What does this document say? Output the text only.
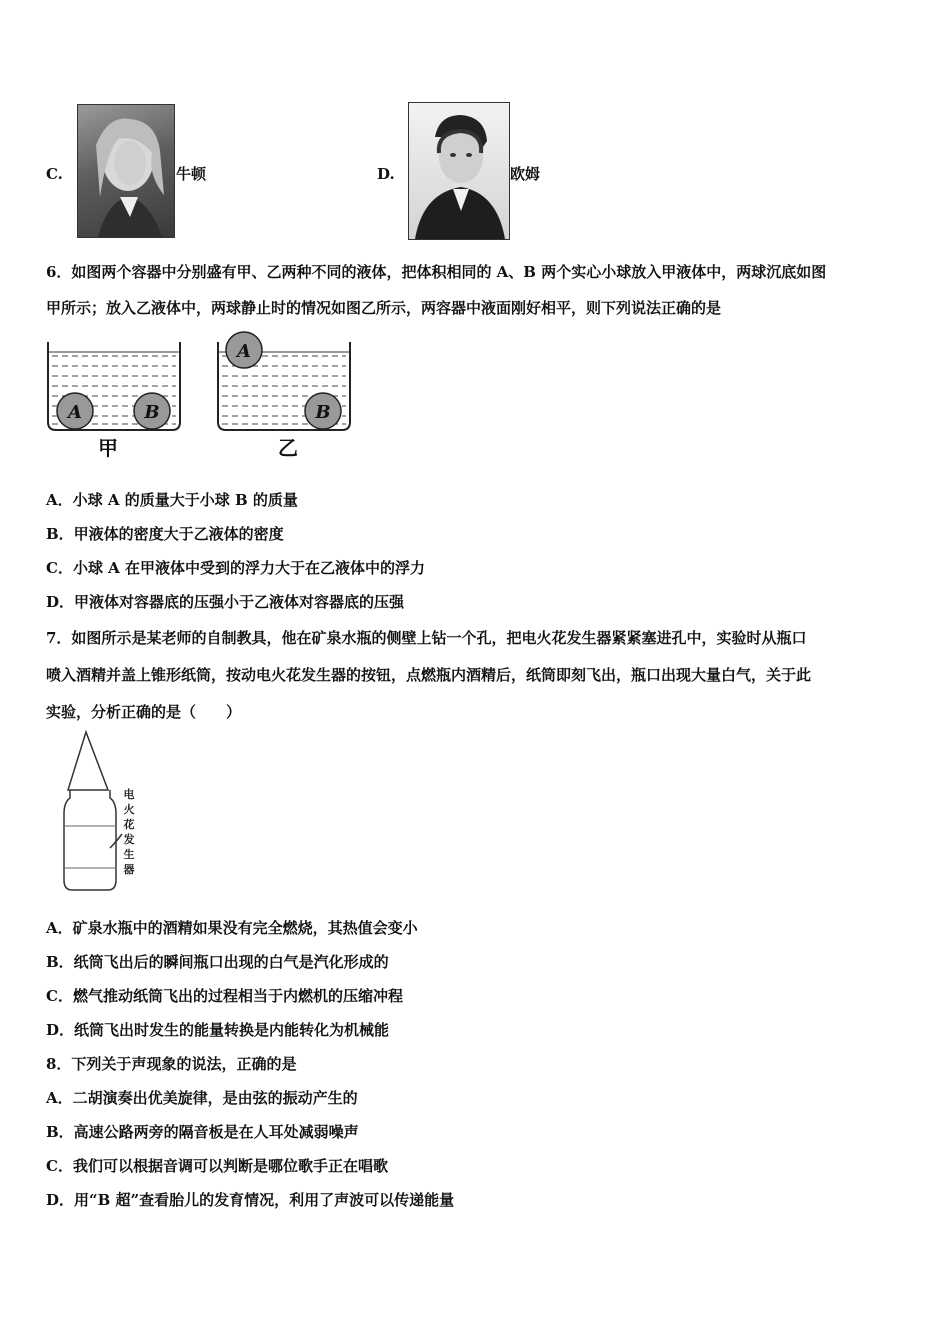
C.	牛顿	D.	欧姆
6．如图两个容器中分别盛有甲、乙两种不同的液体，把体积相同的 A、B 两个实心小球放入甲液体中，两球沉底如图
甲所示；放入乙液体中，两球静止时的情况如图乙所示，两容器中液面刚好相平，则下列说法正确的是
A	B
甲
A
B
乙
A．小球 A 的质量大于小球 B 的质量
B．甲液体的密度大于乙液体的密度
C．小球 A 在甲液体中受到的浮力大于在乙液体中的浮力
D．甲液体对容器底的压强小于乙液体对容器底的压强
7．如图所示是某老师的自制教具，他在矿泉水瓶的侧壁上钻一个孔，把电火花发生器紧紧塞进孔中，实验时从瓶口
喷入酒精并盖上锥形纸筒，按动电火花发生器的按钮，点燃瓶内酒精后，纸筒即刻飞出，瓶口出现大量白气，关于此
实验，分析正确的是（　　）
电
火
花
发
生
器
A．矿泉水瓶中的酒精如果没有完全燃烧，其热值会变小
B．纸筒飞出后的瞬间瓶口出现的白气是汽化形成的
C．燃气推动纸筒飞出的过程相当于内燃机的压缩冲程
D．纸筒飞出时发生的能量转换是内能转化为机械能
8．下列关于声现象的说法，正确的是
A．二胡演奏出优美旋律，是由弦的振动产生的
B．高速公路两旁的隔音板是在人耳处减弱噪声
C．我们可以根据音调可以判断是哪位歌手正在唱歌
D．用“B 超”查看胎儿的发育情况，利用了声波可以传递能量
